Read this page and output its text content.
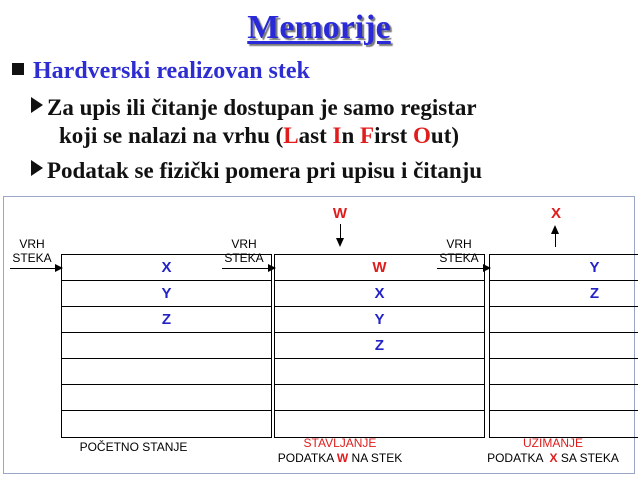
Memorije
Hardverski realizovan stek
Za upis ili čitanje dostupan je samo registar
koji se nalazi na vrhu (Last In First Out)
Podatak se fizički pomera pri upisu i čitanju
VRH
STEKA
X
Y
Z
POČETNO STANJE
W
VRH
STEKA
W
X
Y
Z
STAVLJANJE
PODATKA W NA STEK
X
VRH
STEKA
Y
Z
UZIMANJE
PODATKA  X SA STEKA
